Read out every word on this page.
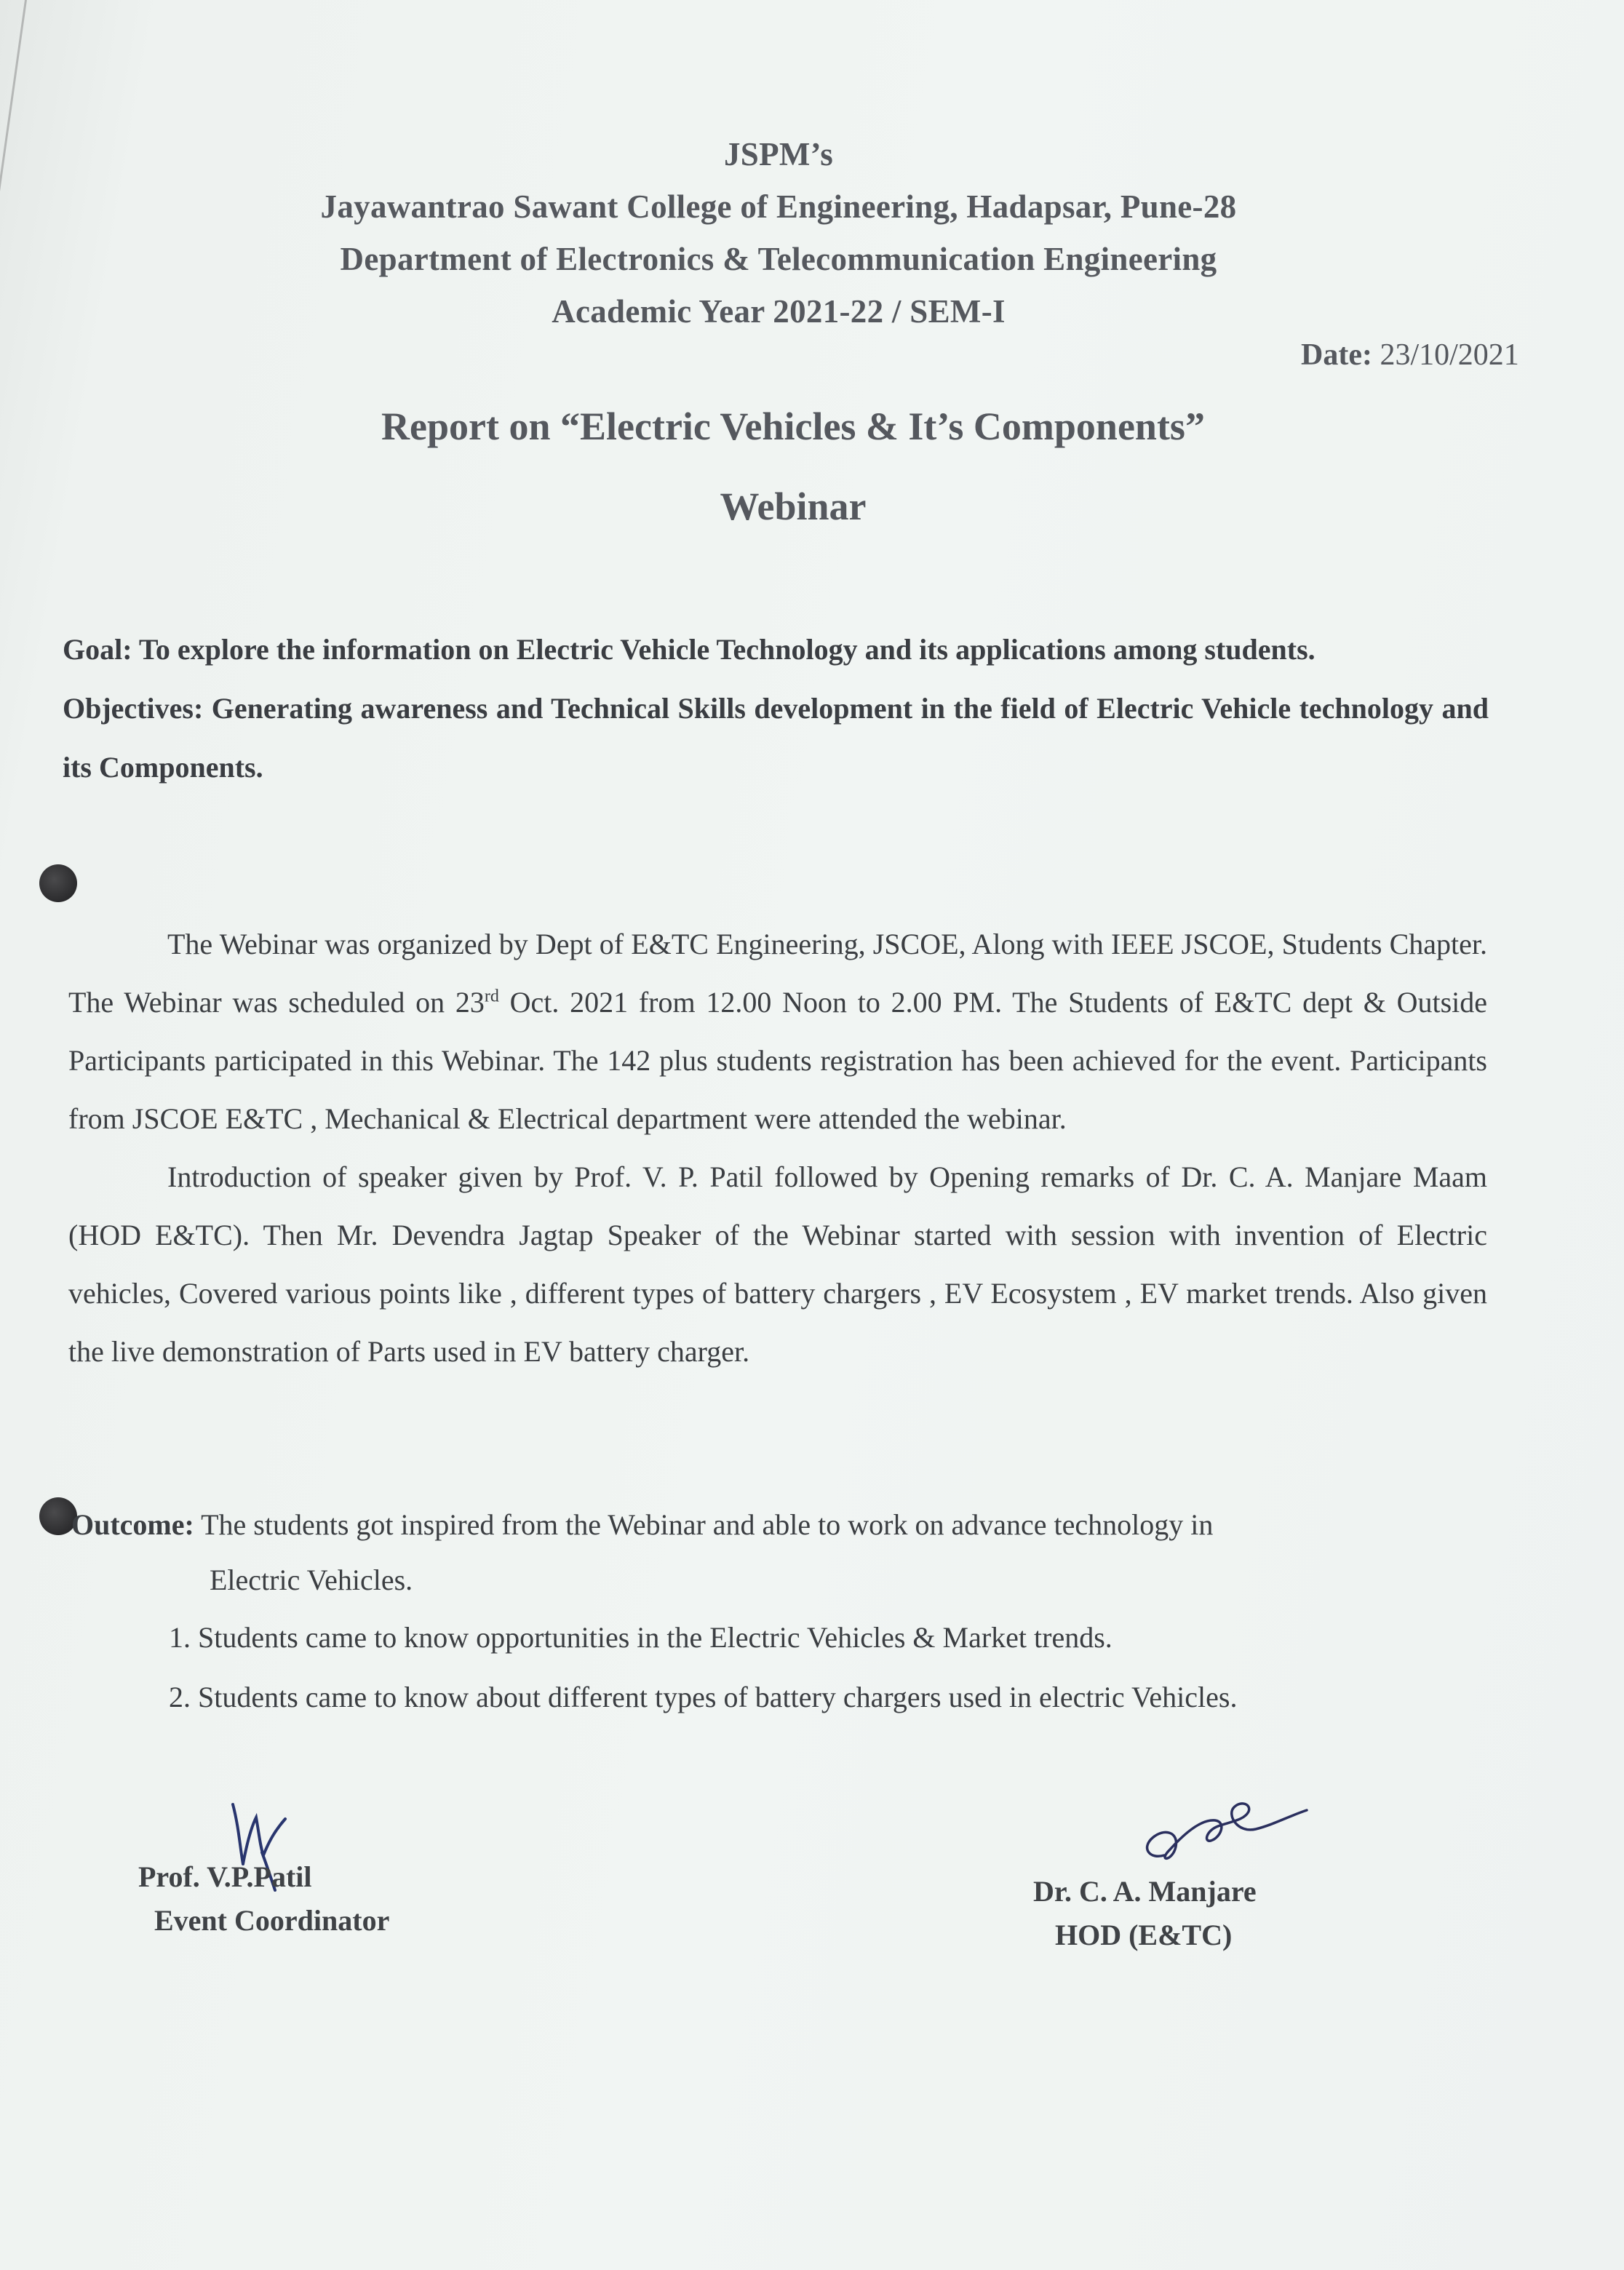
JSPM’s
Jayawantrao Sawant College of Engineering, Hadapsar, Pune-28
Department of Electronics & Telecommunication Engineering
Academic Year 2021-22 / SEM-I
Date: 23/10/2021
Report on “Electric Vehicles & It’s Components”
Webinar

Goal: To explore the information on Electric Vehicle Technology and its applications among students.

Objectives: Generating awareness and Technical Skills development in the field of Electric Vehicle technology and its Components.

The Webinar was organized by Dept of E&TC Engineering, JSCOE, Along with IEEE JSCOE, Students Chapter. The Webinar was scheduled on 23rd Oct. 2021 from 12.00 Noon to 2.00 PM. The Students of E&TC dept & Outside Participants participated in this Webinar. The 142 plus students registration has been achieved for the event. Participants from JSCOE E&TC , Mechanical & Electrical department were attended the webinar.

Introduction of speaker given by Prof. V. P. Patil followed by Opening remarks of Dr. C. A. Manjare Maam (HOD E&TC). Then Mr. Devendra Jagtap Speaker of the Webinar started with session with invention of Electric vehicles, Covered various points like , different types of battery chargers , EV Ecosystem , EV market trends. Also given the live demonstration of Parts used in EV battery charger.

Outcome: The students got inspired from the Webinar and able to work on advance technology in
Electric Vehicles.
1. Students came to know opportunities in the Electric Vehicles & Market trends.
2. Students came to know about different types of battery chargers used in electric Vehicles.
Prof. V.P.Patil
Event Coordinator
Dr. C. A. Manjare
HOD (E&TC)
